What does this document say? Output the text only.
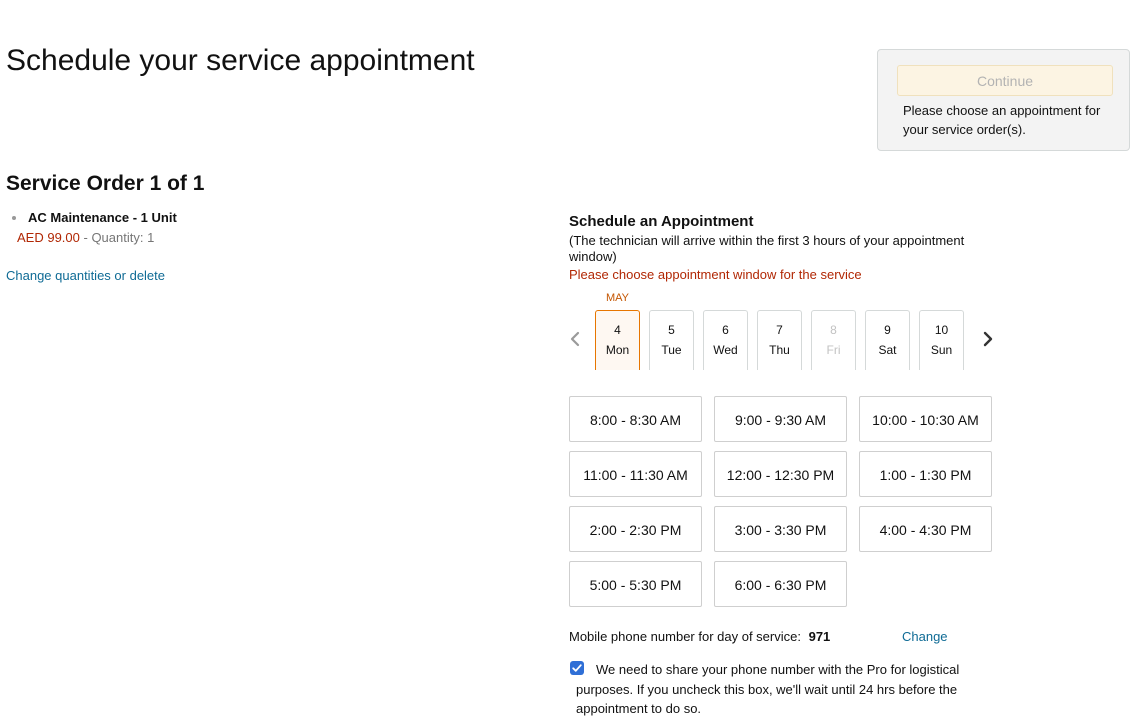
Schedule your service appointment
Continue
Please choose an appointment for your service order(s).
Service Order 1 of 1
AC Maintenance - 1 Unit
AED 99.00 - Quantity: 1
Change quantities or delete
Schedule an Appointment
(The technician will arrive within the first 3 hours of your appointment window)
Please choose appointment window for the service
MAY
4
Mon
5
Tue
6
Wed
7
Thu
8
Fri
9
Sat
10
Sun
8:00 - 8:30 AM	9:00 - 9:30 AM	10:00 - 10:30 AM
11:00 - 11:30 AM	12:00 - 12:30 PM	1:00 - 1:30 PM
2:00 - 2:30 PM	3:00 - 3:30 PM	4:00 - 4:30 PM
5:00 - 5:30 PM	6:00 - 6:30 PM
Mobile phone number for day of service: 971	Change
We need to share your phone number with the Pro for logistical purposes. If you uncheck this box, we'll wait until 24 hrs before the appointment to do so.
